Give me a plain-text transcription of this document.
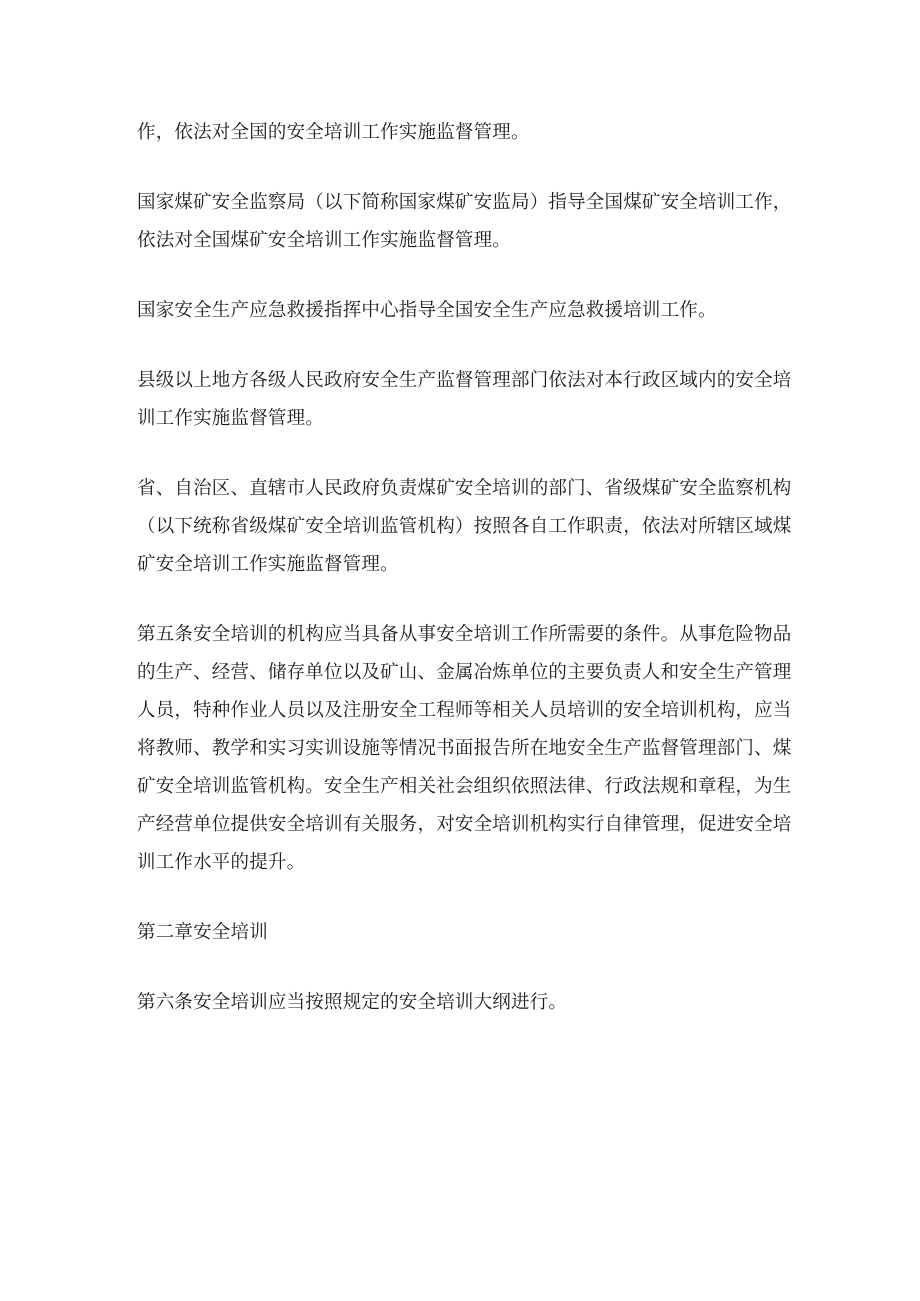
作，依法对全国的安全培训工作实施监督管理。

国家煤矿安全监察局（以下简称国家煤矿安监局）指导全国煤矿安全培训工作，
依法对全国煤矿安全培训工作实施监督管理。

国家安全生产应急救援指挥中心指导全国安全生产应急救援培训工作。

县级以上地方各级人民政府安全生产监督管理部门依法对本行政区域内的安全培
训工作实施监督管理。

省、自治区、直辖市人民政府负责煤矿安全培训的部门、省级煤矿安全监察机构
（以下统称省级煤矿安全培训监管机构）按照各自工作职责，依法对所辖区域煤
矿安全培训工作实施监督管理。

第五条安全培训的机构应当具备从事安全培训工作所需要的条件。从事危险物品
的生产、经营、储存单位以及矿山、金属冶炼单位的主要负责人和安全生产管理
人员，特种作业人员以及注册安全工程师等相关人员培训的安全培训机构，应当
将教师、教学和实习实训设施等情况书面报告所在地安全生产监督管理部门、煤
矿安全培训监管机构。安全生产相关社会组织依照法律、行政法规和章程，为生
产经营单位提供安全培训有关服务，对安全培训机构实行自律管理，促进安全培
训工作水平的提升。

第二章安全培训

第六条安全培训应当按照规定的安全培训大纲进行。
